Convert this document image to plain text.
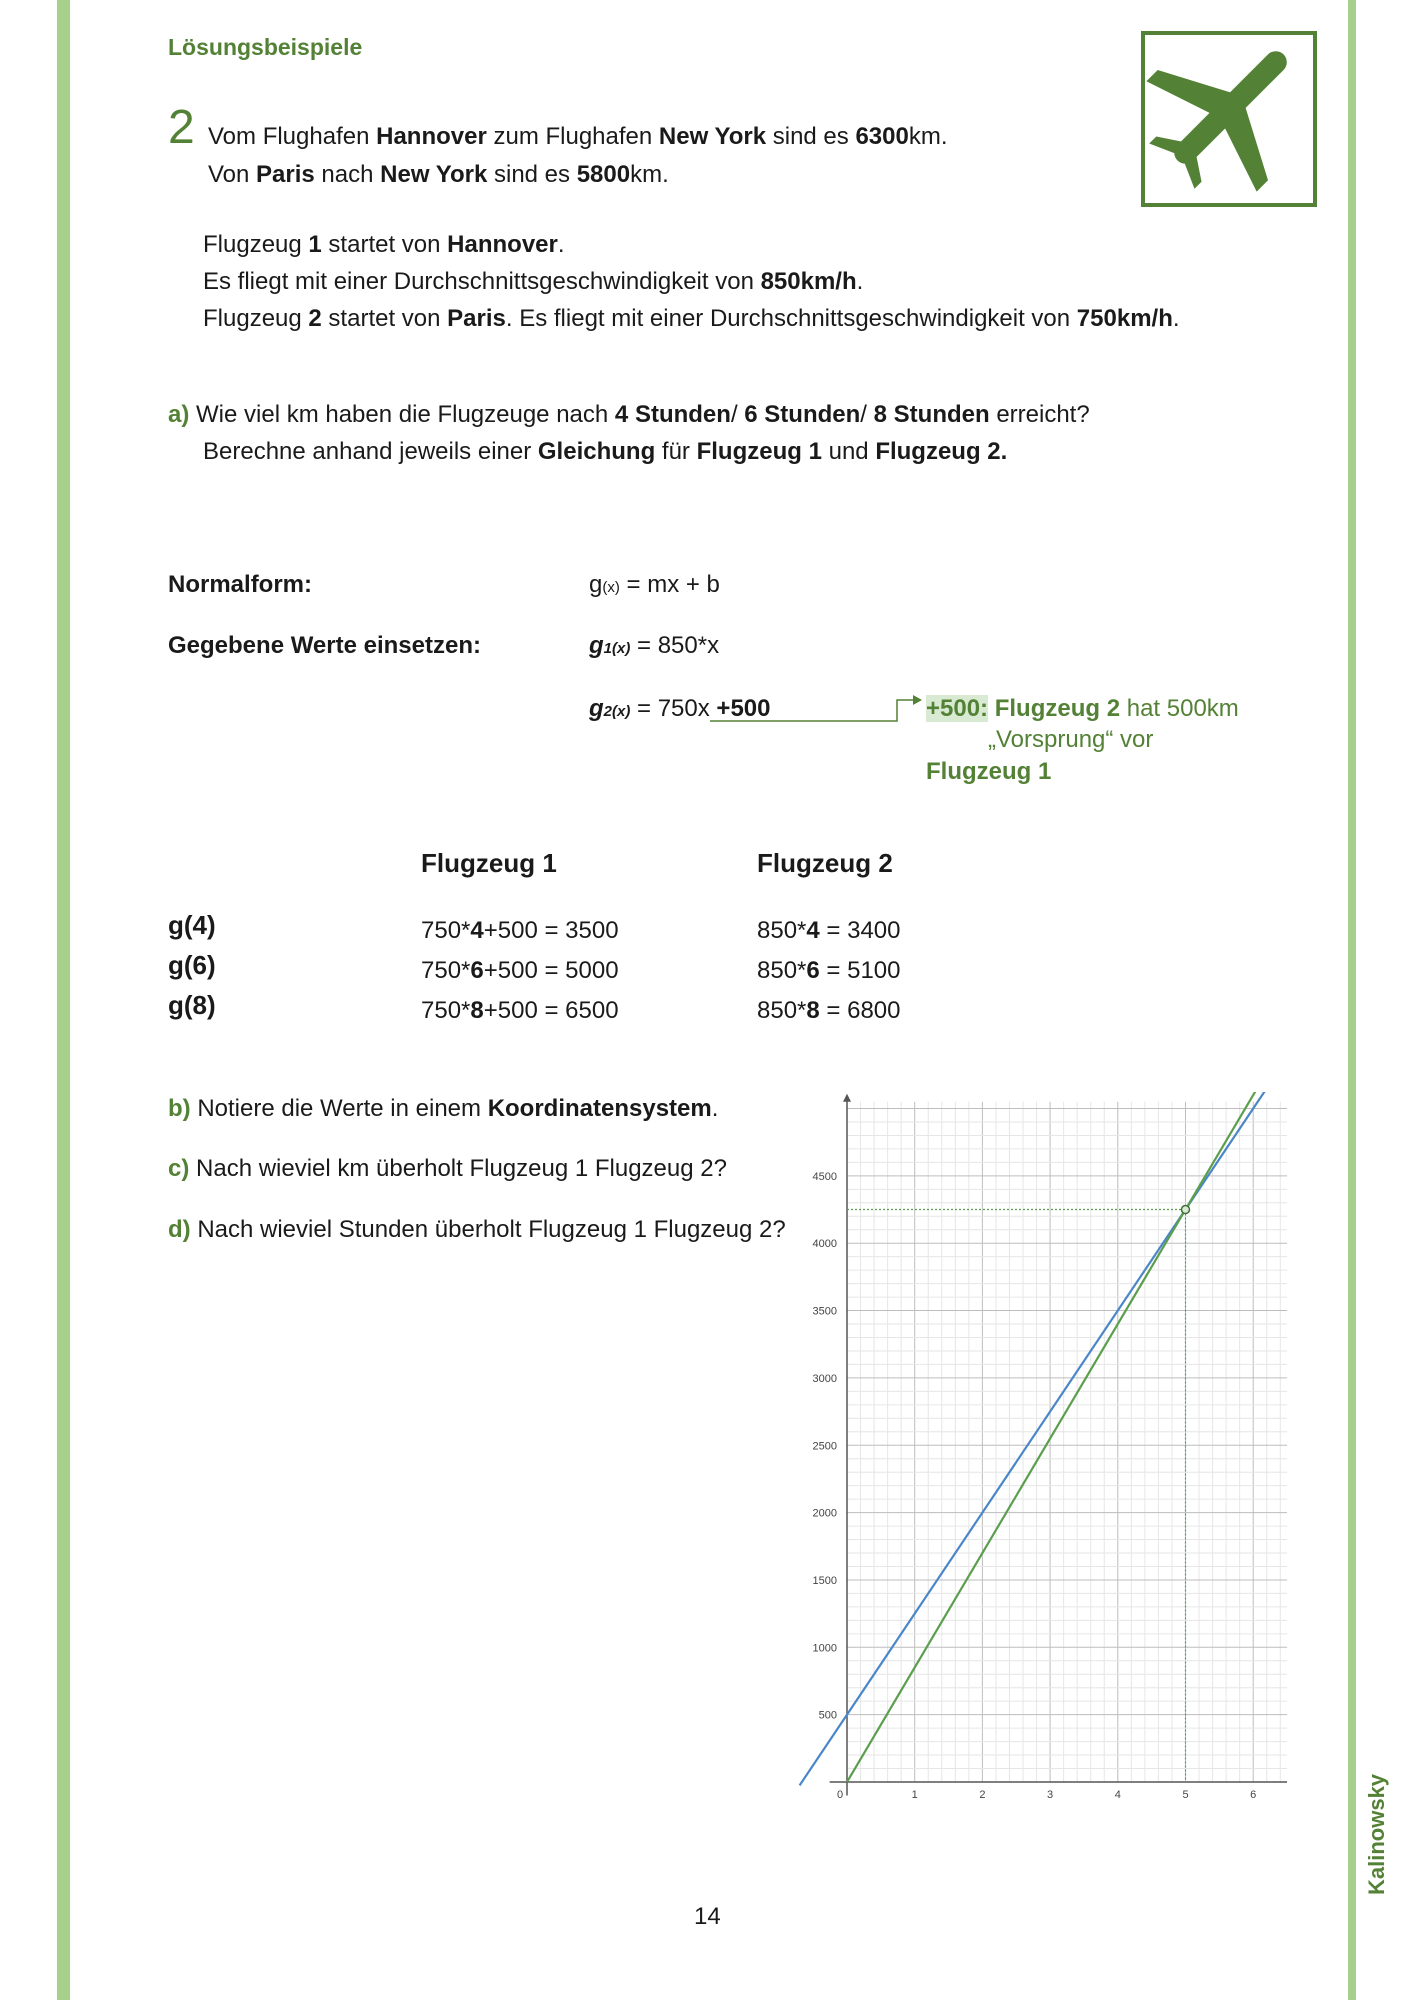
Lösungsbeispiele
2 Vom Flughafen Hannover zum Flughafen New York sind es 6300km.
Von Paris nach New York sind es 5800km.
Flugzeug 1 startet von Hannover.
Es fliegt mit einer Durchschnittsgeschwindigkeit von 850km/h.
Flugzeug 2 startet von Paris. Es fliegt mit einer Durchschnittsgeschwindigkeit von 750km/h.
a) Wie viel km haben die Flugzeuge nach 4 Stunden/ 6 Stunden/ 8 Stunden erreicht?
Berechne anhand jeweils einer Gleichung für Flugzeug 1 und Flugzeug 2.
Normalform:	g(x) = mx + b
Gegebene Werte einsetzen:	g1(x) = 850*x
g2(x) = 750x +500	+500: Flugzeug 2 hat 500km
„Vorsprung“ vor
Flugzeug 1
Flugzeug 1	Flugzeug 2
g(4)	750*4+500 = 3500	850*4 = 3400
g(6)	750*6+500 = 5000	850*6 = 5100
g(8)	750*8+500 = 6500	850*8 = 6800
b) Notiere die Werte in einem Koordinatensystem.
c) Nach wieviel km überholt Flugzeug 1 Flugzeug 2?
d) Nach wieviel Stunden überholt Flugzeug 1 Flugzeug 2?
1	2	3	4	5	6
500
1000
1500
2000
2500
3000
3500
4000
4500
0
14
Kalinowsky
